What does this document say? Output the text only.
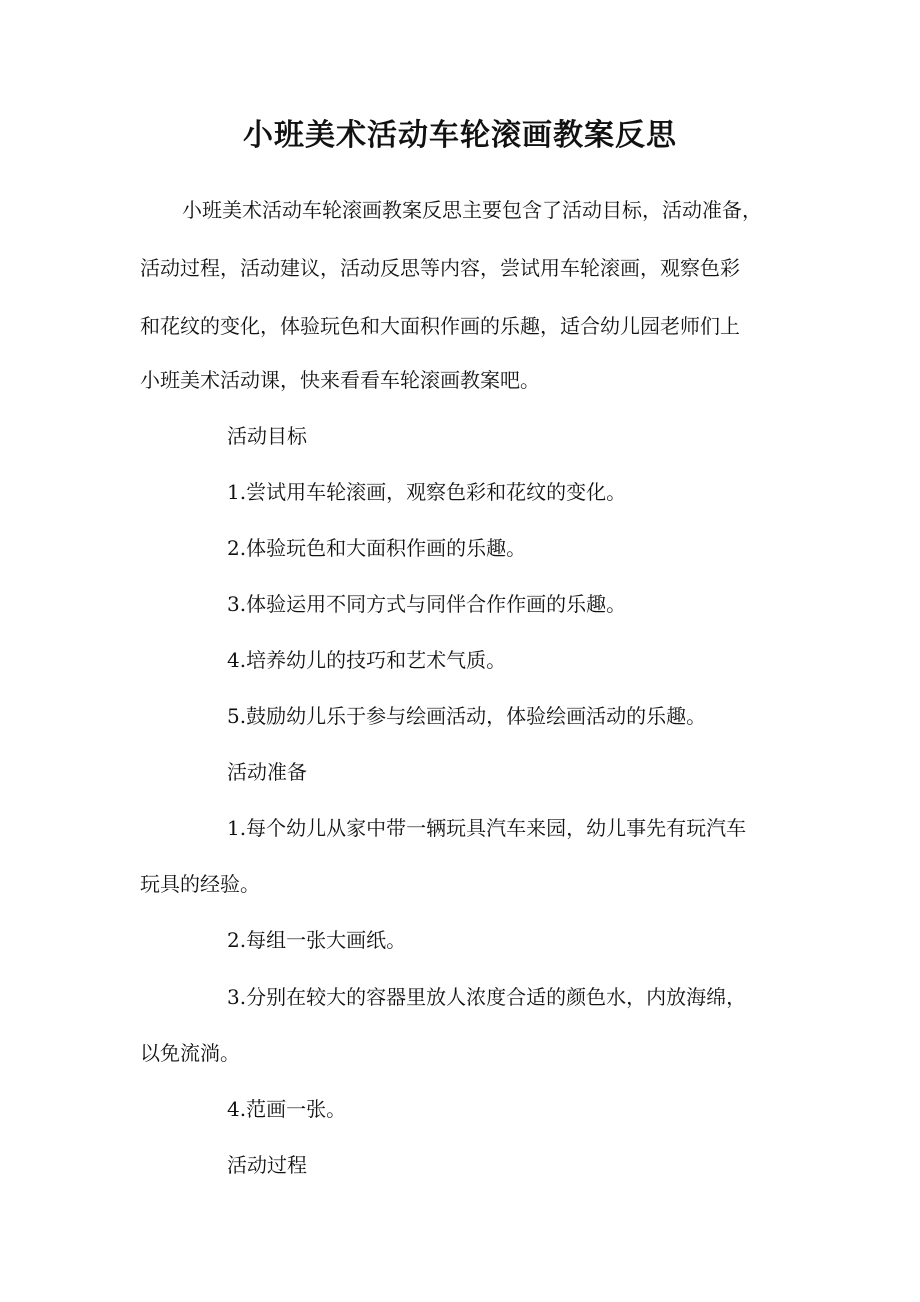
小班美术活动车轮滚画教案反思
小班美术活动车轮滚画教案反思主要包含了活动目标，活动准备，
活动过程，活动建议，活动反思等内容，尝试用车轮滚画，观察色彩
和花纹的变化，体验玩色和大面积作画的乐趣，适合幼儿园老师们上
小班美术活动课，快来看看车轮滚画教案吧。
活动目标
1.尝试用车轮滚画，观察色彩和花纹的变化。
2.体验玩色和大面积作画的乐趣。
3.体验运用不同方式与同伴合作作画的乐趣。
4.培养幼儿的技巧和艺术气质。
5.鼓励幼儿乐于参与绘画活动，体验绘画活动的乐趣。
活动准备
1.每个幼儿从家中带一辆玩具汽车来园，幼儿事先有玩汽车
玩具的经验。
2.每组一张大画纸。
3.分别在较大的容器里放人浓度合适的颜色水，内放海绵，
以免流淌。
4.范画一张。
活动过程
